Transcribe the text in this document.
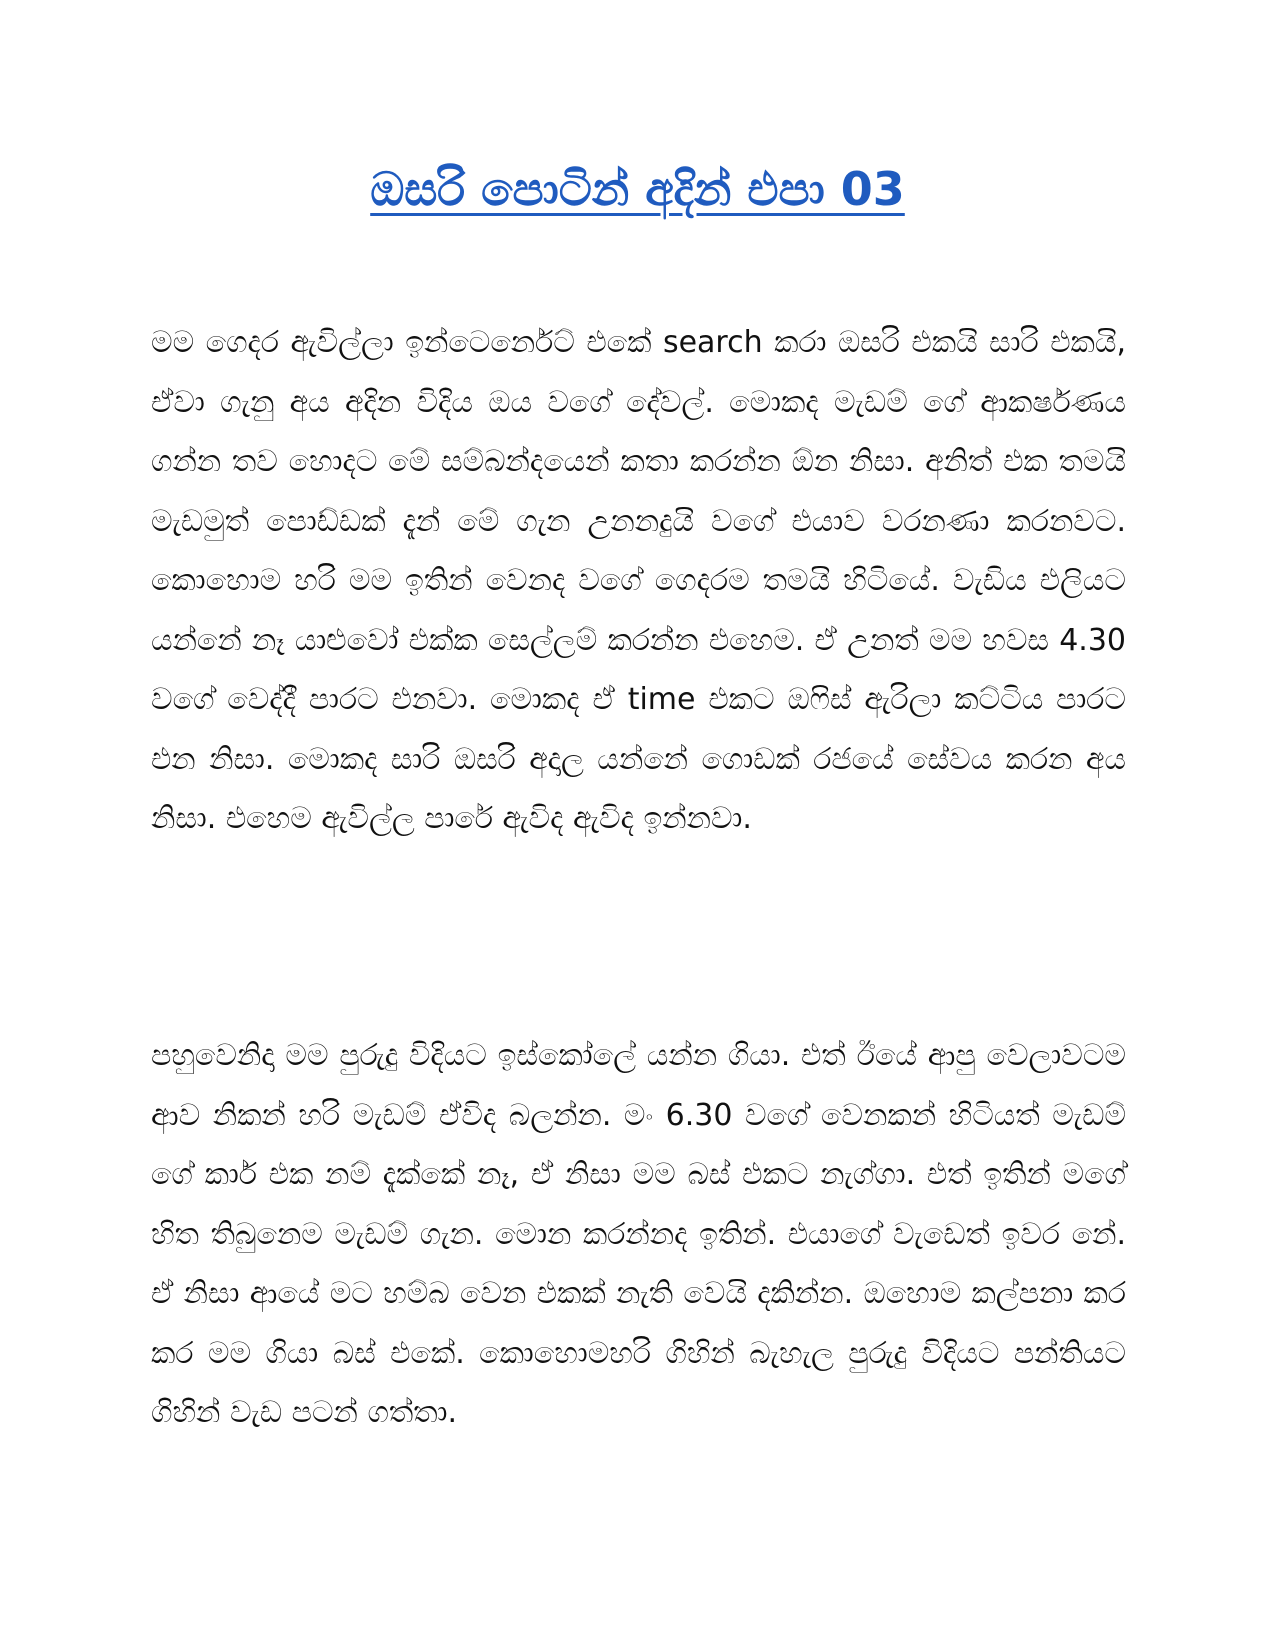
ඔසරි පොටින් අදින් එපා 03

මම ගෙදර ඇවිල්ලා ඉන්ටෙර්නෙට් එකේ search කරා ඔසරි එකයි සාරි එකයි, ඒවා ගැනු අය අදින විදිය ඔය වගේ දේවල්. මොකද මැඩම් ගේ ආකර්ෂණය ගන්න තව හොදට මේ සම්බන්දයෙන් කතා කරන්න ඕන නිසා. අනිත් එක තමයි මැඩමුත් පොඩ්ඩක් දැන් මේ ගැන උනනදුයි වගේ එයාව වරනණා කරනවට. කොහොම හරි මම ඉතින් වෙනද වගේ ගෙදරම තමයි හිටියේ. වැඩිය එලියට යන්නේ නෑ යාළුවෝ එක්ක සෙල්ලම් කරන්න එහෙම. ඒ උනත් මම හවස 4.30 වගේ වෙද්දී පාරට එනවා. මොකද ඒ time එකට ඔෆිස් ඇරිලා කට්ටිය පාරට එන නිසා. මොකද සාරි ඔසරි අදාල යන්නේ ගොඩක් රජයේ සේවය කරන අය නිසා. එහෙම ඇවිල්ල පාරේ ඇවිද ඇවිද ඉන්නවා.

පහුවෙනිදා මම පුරුදු විදියට ඉස්කෝලේ යන්න ගියා. එත් ඊයේ ආපු වෙලාවටම ආව නිකන් හරි මැඩම් ඒවිද බලන්න. මං 6.30 වගේ වෙනකන් හිටියත් මැඩම් ගේ කාර් එක නම් දැක්කේ නෑ, ඒ නිසා මම බස් එකට නැග්ගා. එත් ඉතින් මගේ හිත තිබුනෙම මැඩම් ගැන. මොන කරන්නද ඉතින්. එයාගේ වැඩෙත් ඉවර නේ. ඒ නිසා ආයේ මට හම්බ වෙන එකක් නැති වෙයි දකින්න. ඔහොම කල්පනා කර කර මම ගියා බස් එකේ. කොහොමහරි ගිහින් බැහැල පුරුදු විදියට පන්තියට ගිහින් වැඩ පටන් ගත්තා.
